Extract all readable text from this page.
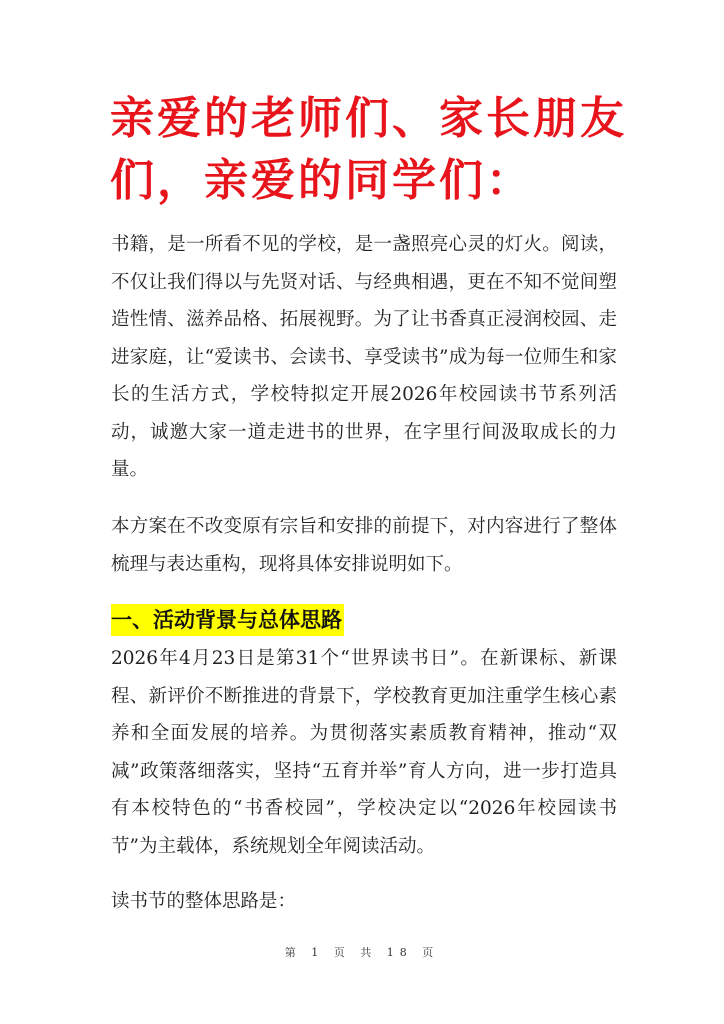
亲爱的老师们、家长朋友们，亲爱的同学们：

书籍，是一所看不见的学校，是一盏照亮心灵的灯火。阅读，不仅让我们得以与先贤对话、与经典相遇，更在不知不觉间塑造性情、滋养品格、拓展视野。为了让书香真正浸润校园、走进家庭，让“爱读书、会读书、享受读书”成为每一位师生和家长的生活方式，学校特拟定开展2026年校园读书节系列活动，诚邀大家一道走进书的世界，在字里行间汲取成长的力量。

本方案在不改变原有宗旨和安排的前提下，对内容进行了整体梳理与表达重构，现将具体安排说明如下。

一、活动背景与总体思路

2026年4月23日是第31个“世界读书日”。在新课标、新课程、新评价不断推进的背景下，学校教育更加注重学生核心素养和全面发展的培养。为贯彻落实素质教育精神，推动“双减”政策落细落实，坚持“五育并举”育人方向，进一步打造具有本校特色的“书香校园”，学校决定以“2026年校园读书节”为主载体，系统规划全年阅读活动。

读书节的整体思路是：

第 1 页 共 18 页
